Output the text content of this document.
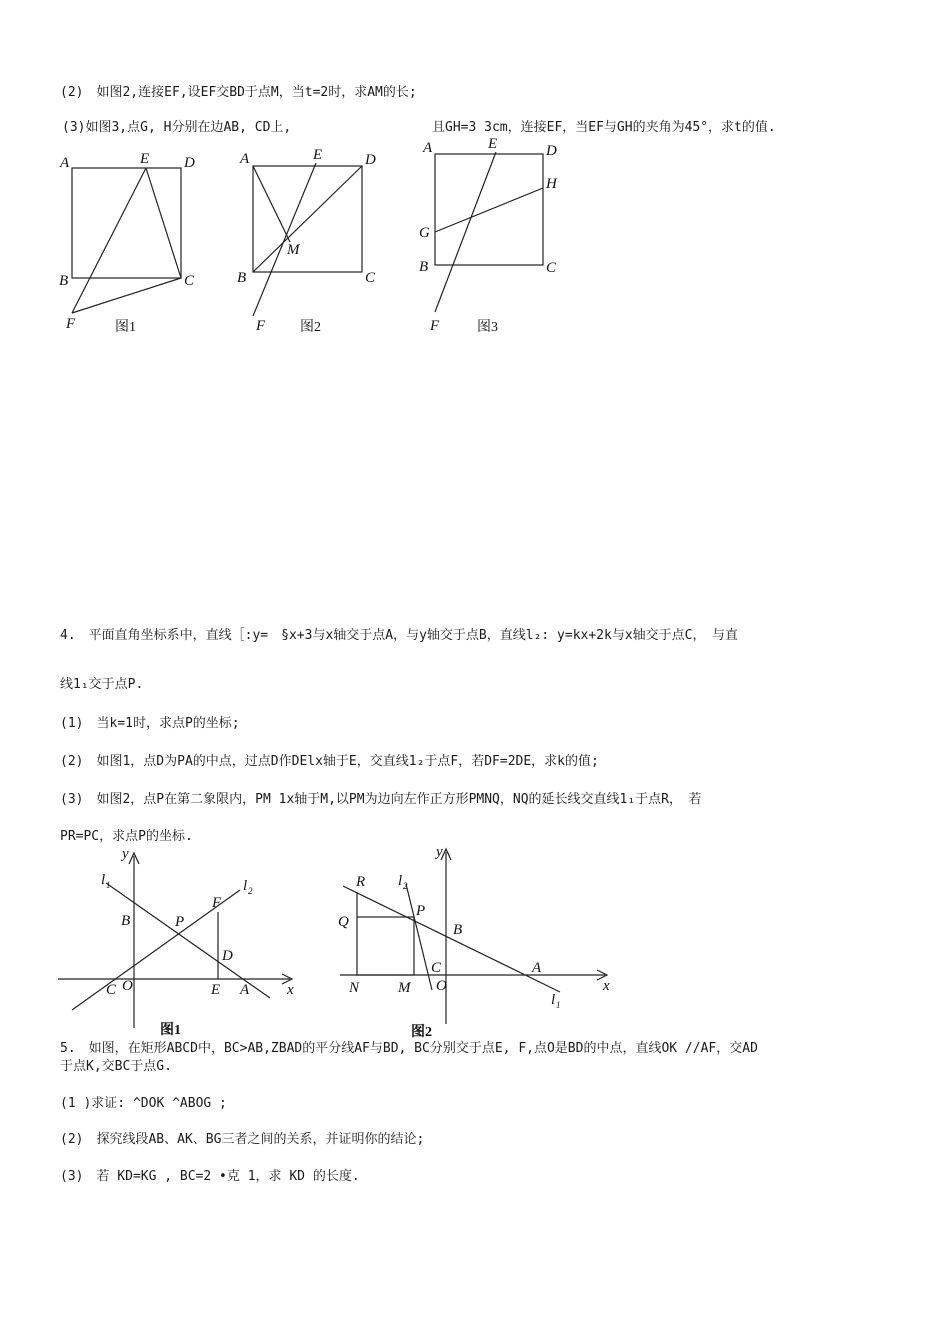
(2)　如图2,连接EF,设EF交BD于点M，当t=2时，求AM的长;
(3)如图3,点G, H分别在边AB, CD上,	且GH=3 3cm，连接EF，当EF与GH的夹角为45°，求t的值.
A	E D
B	C
F	图1
A	E	D
M
B	C
F 图2
A	E	D
H
G
B	C
F	图3
4.　平面直角坐标系中，直线［:y=　§x+3与x轴交于点A，与y轴交于点B，直线l₂: y=kx+2k与x轴交于点C，　与直
线1₁交于点P.
(1)　当k=1时，求点P的坐标;
(2)　如图1，点D为PA的中点，过点D作DElx轴于E，交直线1₂于点F，若DF=2DE，求k的值;
(3)　如图2，点P在第二象限内，PM 1x轴于M,以PM为边向左作正方形PMNQ，NQ的延长线交直线1₁于点R，　若
PR=PC，求点P的坐标.
y
x
l 1	l 2
B	P
F
D
C O	E A
图1
y
x
R l 2
Q
P
B
C
N	M O
A
l 1
图2
5.　如图，在矩形ABCD中，BC>AB,ZBAD的平分线AF与BD, BC分别交于点E, F,点O是BD的中点，直线OK //AF，交AD
于点K,交BC于点G.
(1 )求证: ^DOK ^ABOG ;
(2)　探究线段AB、AK、BG三者之间的关系，并证明你的结论;
(3)　若 KD=KG , BC=2 •克 1，求 KD 的长度.
